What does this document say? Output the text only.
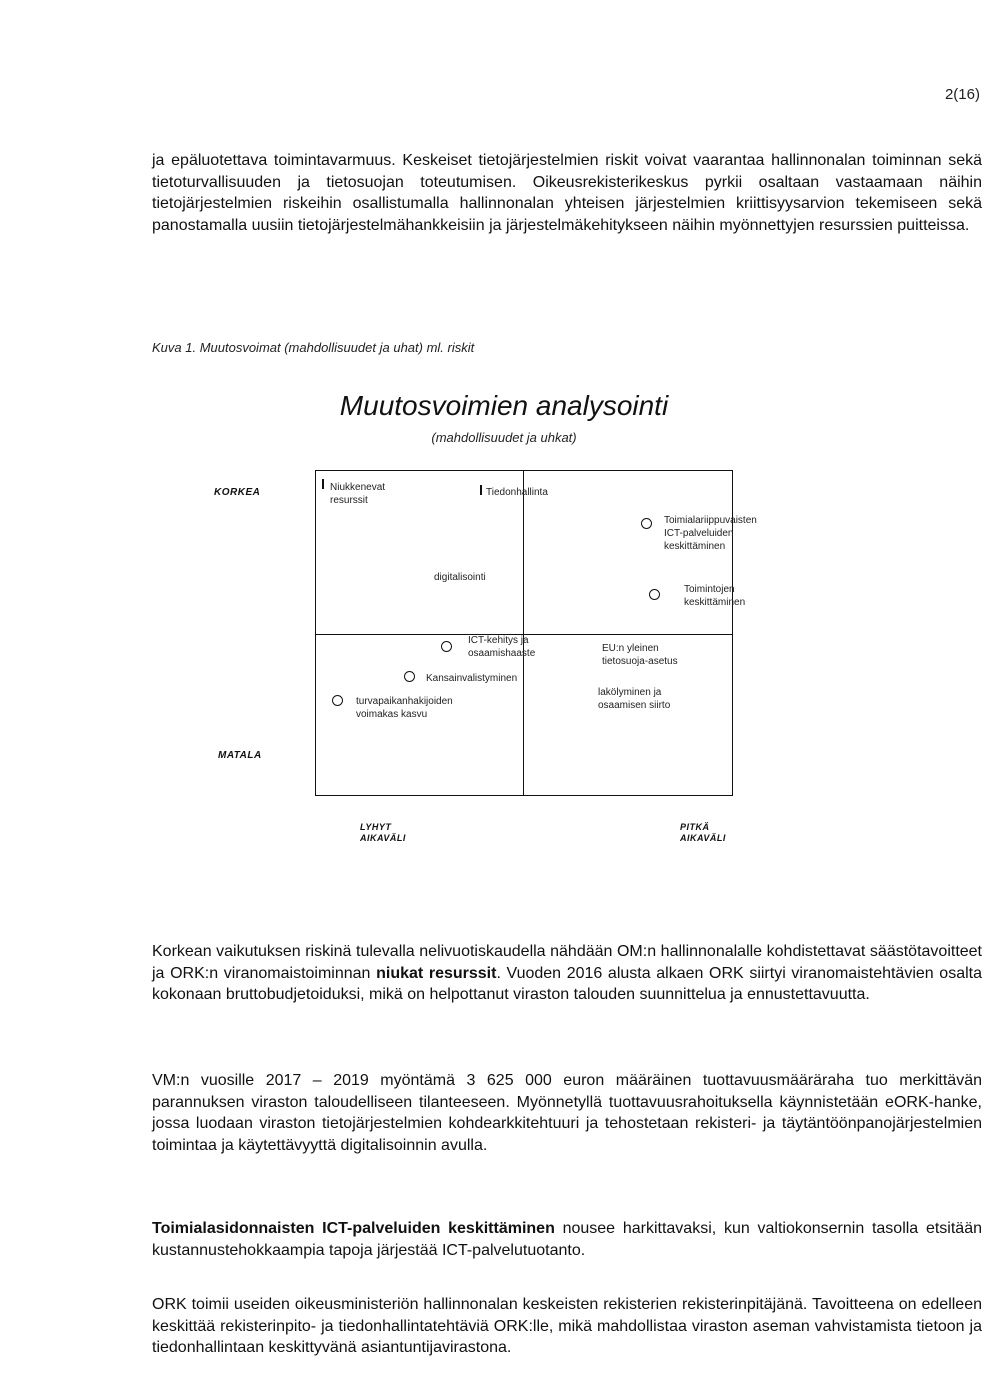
2(16)

ja epäluotettava toimintavarmuus. Keskeiset tietojärjestelmien riskit voivat vaarantaa hallinnonalan toiminnan sekä tietoturvallisuuden ja tietosuojan toteutumisen. Oikeusrekisterikeskus pyrkii osaltaan vastaamaan näihin tietojärjestelmien riskeihin osallistumalla hallinnonalan yhteisen järjestelmien kriittisyysarvion tekemiseen sekä panostamalla uusiin tietojärjestelmähankkeisiin ja järjestelmäkehitykseen näihin myönnettyjen resurssien puitteissa.

Kuva 1. Muutosvoimat (mahdollisuudet ja uhat) ml. riskit
Muutosvoimien analysointi
(mahdollisuudet ja uhkat)
KORKEA
MATALA
LYHYT AIKAVÄLI
PITKÄ AIKAVÄLI
Niukkenevat
resurssit
Tiedonhallinta
digitalisointi
Toimialariippuvaisten
ICT-palveluiden
keskittäminen
Toimintojen
keskittäminen
ICT-kehitys ja
osaamishaaste
Kansainvalistyminen
turvapaikanhakijoiden
voimakas kasvu
EU:n yleinen
tietosuoja-asetus
lakölyminen ja
osaamisen siirto

Korkean vaikutuksen riskinä tulevalla nelivuotiskaudella nähdään OM:n hallinnonalalle kohdistettavat säästötavoitteet ja ORK:n viranomaistoiminnan niukat resurssit. Vuoden 2016 alusta alkaen ORK siirtyi viranomaistehtävien osalta kokonaan bruttobudjetoiduksi, mikä on helpottanut viraston talouden suunnittelua ja ennustettavuutta.

VM:n vuosille 2017 – 2019 myöntämä 3 625 000 euron määräinen tuottavuusmääräraha tuo merkittävän parannuksen viraston taloudelliseen tilanteeseen. Myönnetyllä tuottavuusrahoituksella käynnistetään eORK-hanke, jossa luodaan viraston tietojärjestelmien kohdearkkitehtuuri ja tehostetaan rekisteri- ja täytäntöönpanojärjestelmien toimintaa ja käytettävyyttä digitalisoinnin avulla.

Toimialasidonnaisten ICT-palveluiden keskittäminen nousee harkittavaksi, kun valtiokonsernin tasolla etsitään kustannustehokkaampia tapoja järjestää ICT-palvelutuotanto.

ORK toimii useiden oikeusministeriön hallinnonalan keskeisten rekisterien rekisterinpitäjänä. Tavoitteena on edelleen keskittää rekisterinpito- ja tiedonhallintatehtäviä ORK:lle, mikä mahdollistaa viraston aseman vahvistamista tietoon ja tiedonhallintaan keskittyvänä asiantuntijavirastona.
